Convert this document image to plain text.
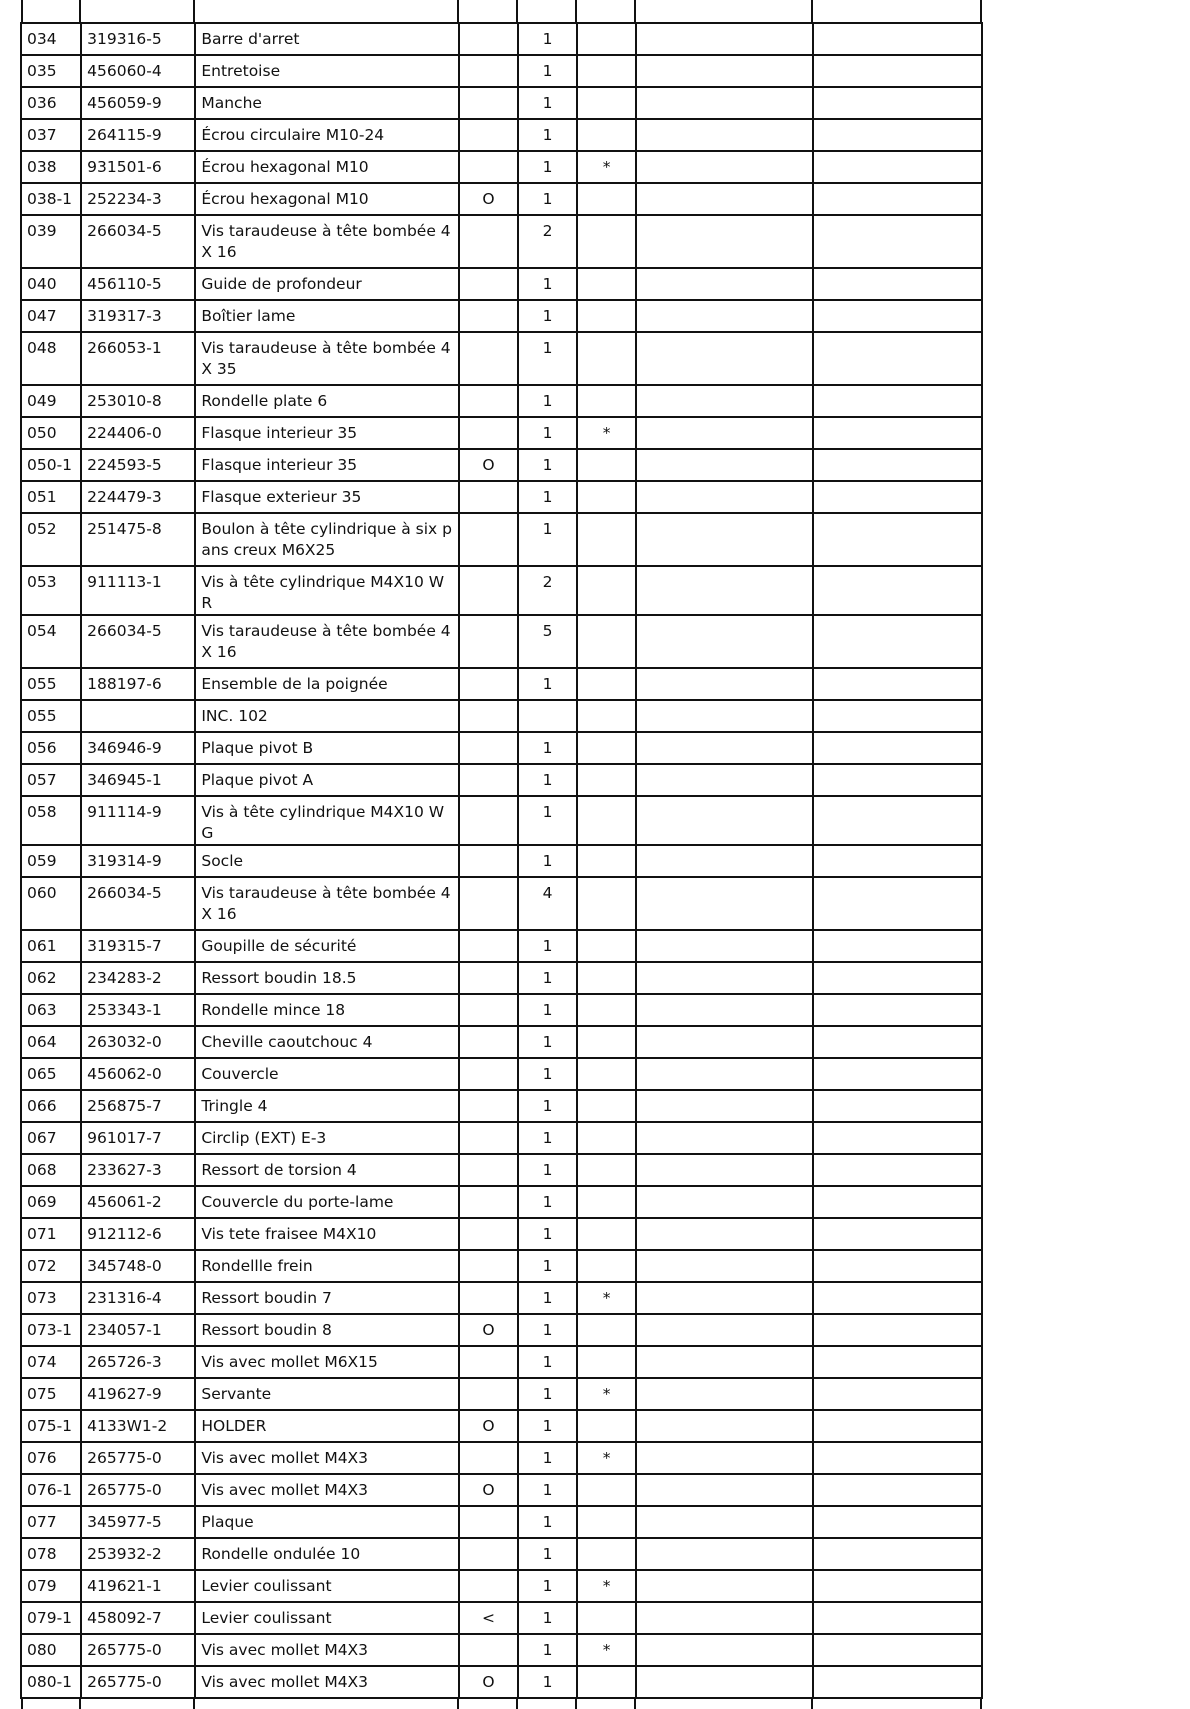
034	319316-5	Barre d'arret		1			
035	456060-4	Entretoise		1			
036	456059-9	Manche		1			
037	264115-9	Écrou circulaire M10-24		1			
038	931501-6	Écrou hexagonal M10		1	*		
038-1	252234-3	Écrou hexagonal M10	O	1			
039	266034-5	Vis taraudeuse à tête bombée 4X 16		2			
040	456110-5	Guide de profondeur		1			
047	319317-3	Boîtier lame		1			
048	266053-1	Vis taraudeuse à tête bombée 4X 35		1			
049	253010-8	Rondelle plate 6		1			
050	224406-0	Flasque interieur 35		1	*		
050-1	224593-5	Flasque interieur 35	O	1			
051	224479-3	Flasque exterieur 35		1			
052	251475-8	Boulon à tête cylindrique à six pans creux M6X25		1			
053	911113-1	Vis à tête cylindrique M4X10 WR		2			
054	266034-5	Vis taraudeuse à tête bombée 4X 16		5			
055	188197-6	Ensemble de la poignée		1			
055		INC. 102					
056	346946-9	Plaque pivot B		1			
057	346945-1	Plaque pivot A		1			
058	911114-9	Vis à tête cylindrique M4X10 WG		1			
059	319314-9	Socle		1			
060	266034-5	Vis taraudeuse à tête bombée 4X 16		4			
061	319315-7	Goupille de sécurité		1			
062	234283-2	Ressort boudin 18.5		1			
063	253343-1	Rondelle mince 18		1			
064	263032-0	Cheville caoutchouc 4		1			
065	456062-0	Couvercle		1			
066	256875-7	Tringle 4		1			
067	961017-7	Circlip (EXT) E-3		1			
068	233627-3	Ressort de torsion 4		1			
069	456061-2	Couvercle du porte-lame		1			
071	912112-6	Vis tete fraisee M4X10		1			
072	345748-0	Rondellle frein		1			
073	231316-4	Ressort boudin 7		1	*		
073-1	234057-1	Ressort boudin 8	O	1			
074	265726-3	Vis avec mollet M6X15		1			
075	419627-9	Servante		1	*		
075-1	4133W1-2	HOLDER	O	1			
076	265775-0	Vis avec mollet M4X3		1	*		
076-1	265775-0	Vis avec mollet M4X3	O	1			
077	345977-5	Plaque		1			
078	253932-2	Rondelle ondulée 10		1			
079	419621-1	Levier coulissant		1	*		
079-1	458092-7	Levier coulissant	<	1			
080	265775-0	Vis avec mollet M4X3		1	*		
080-1	265775-0	Vis avec mollet M4X3	O	1			
